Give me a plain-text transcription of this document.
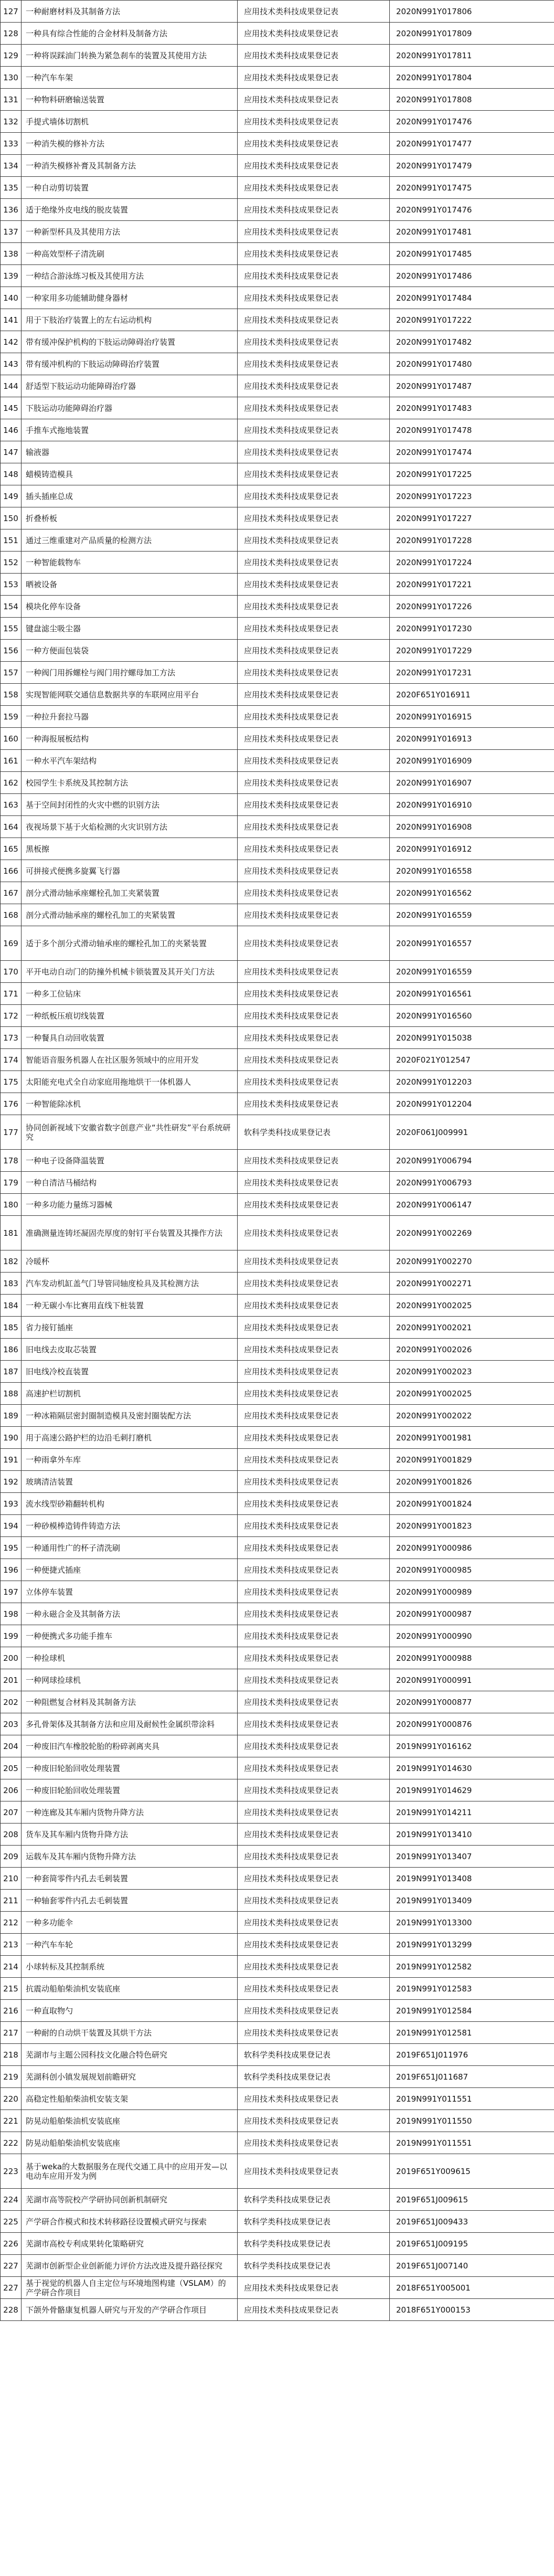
127	一种耐磨材料及其制备方法	应用技术类科技成果登记表	2020N991Y017806
128	一种具有综合性能的合金材料及制备方法	应用技术类科技成果登记表	2020N991Y017809
129	一种将误踩油门转换为紧急刹车的装置及其使用方法	应用技术类科技成果登记表	2020N991Y017811
130	一种汽车车架	应用技术类科技成果登记表	2020N991Y017804
131	一种物料研磨输送装置	应用技术类科技成果登记表	2020N991Y017808
132	手提式墙体切割机	应用技术类科技成果登记表	2020N991Y017476
133	一种消失模的修补方法	应用技术类科技成果登记表	2020N991Y017477
134	一种消失模修补膏及其制备方法	应用技术类科技成果登记表	2020N991Y017479
135	一种自动剪切装置	应用技术类科技成果登记表	2020N991Y017475
136	适于绝缘外皮电线的脱皮装置	应用技术类科技成果登记表	2020N991Y017476
137	一种新型杯具及其使用方法	应用技术类科技成果登记表	2020N991Y017481
138	一种高效型杯子清洗刷	应用技术类科技成果登记表	2020N991Y017485
139	一种结合游泳练习板及其使用方法	应用技术类科技成果登记表	2020N991Y017486
140	一种家用多功能辅助健身器材	应用技术类科技成果登记表	2020N991Y017484
141	用于下肢治疗装置上的左右运动机构	应用技术类科技成果登记表	2020N991Y017222
142	带有缓冲保护机构的下肢运动障碍治疗装置	应用技术类科技成果登记表	2020N991Y017482
143	带有缓冲机构的下肢运动障碍治疗装置	应用技术类科技成果登记表	2020N991Y017480
144	舒适型下肢运动功能障碍治疗器	应用技术类科技成果登记表	2020N991Y017487
145	下肢运动功能障碍治疗器	应用技术类科技成果登记表	2020N991Y017483
146	手推车式拖地装置	应用技术类科技成果登记表	2020N991Y017478
147	输液器	应用技术类科技成果登记表	2020N991Y017474
148	蜡模铸造模具	应用技术类科技成果登记表	2020N991Y017225
149	插头插座总成	应用技术类科技成果登记表	2020N991Y017223
150	折叠桥板	应用技术类科技成果登记表	2020N991Y017227
151	通过三维重建对产品质量的检测方法	应用技术类科技成果登记表	2020N991Y017228
152	一种智能载物车	应用技术类科技成果登记表	2020N991Y017224
153	晒被设备	应用技术类科技成果登记表	2020N991Y017221
154	模块化停车设备	应用技术类科技成果登记表	2020N991Y017226
155	键盘滤尘吸尘器	应用技术类科技成果登记表	2020N991Y017230
156	一种方便面包装袋	应用技术类科技成果登记表	2020N991Y017229
157	一种阀门用拆螺栓与阀门用拧螺母加工方法	应用技术类科技成果登记表	2020N991Y017231
158	实现智能网联交通信息数据共享的车联网应用平台	应用技术类科技成果登记表	2020F651Y016911
159	一种拉升套拉马器	应用技术类科技成果登记表	2020N991Y016915
160	一种海报展板结构	应用技术类科技成果登记表	2020N991Y016913
161	一种水平汽车架结构	应用技术类科技成果登记表	2020N991Y016909
162	校园学生卡系统及其控制方法	应用技术类科技成果登记表	2020N991Y016907
163	基于空间封闭性的火灾中燃的识别方法	应用技术类科技成果登记表	2020N991Y016910
164	夜视场景下基于火焰检测的火灾识别方法	应用技术类科技成果登记表	2020N991Y016908
165	黑板擦	应用技术类科技成果登记表	2020N991Y016912
166	可拼接式便携多旋翼飞行器	应用技术类科技成果登记表	2020N991Y016558
167	剖分式滑动轴承座螺栓孔加工夹紧装置	应用技术类科技成果登记表	2020N991Y016562
168	剖分式滑动轴承座的螺栓孔加工的夹紧装置	应用技术类科技成果登记表	2020N991Y016559
169	适于多个剖分式滑动轴承座的螺栓孔加工的夹紧装置	应用技术类科技成果登记表	2020N991Y016557
170	平开电动自动门的防撞外机械卡锁装置及其开关门方法	应用技术类科技成果登记表	2020N991Y016559
171	一种多工位钻床	应用技术类科技成果登记表	2020N991Y016561
172	一种纸板压痕切线装置	应用技术类科技成果登记表	2020N991Y016560
173	一种餐具自动回收装置	应用技术类科技成果登记表	2020N991Y015038
174	智能语音服务机器人在社区服务领域中的应用开发	应用技术类科技成果登记表	2020F021Y012547
175	太阳能充电式全自动家庭用拖地烘干一体机器人	应用技术类科技成果登记表	2020N991Y012203
176	一种智能除冰机	应用技术类科技成果登记表	2020N991Y012204
177	协同创新视域下安徽省数字创意产业“共性研发”平台系统研究	软科学类科技成果登记表	2020F061J009991
178	一种电子设备降温装置	应用技术类科技成果登记表	2020N991Y006794
179	一种自清洁马桶结构	应用技术类科技成果登记表	2020N991Y006793
180	一种多功能力量练习器械	应用技术类科技成果登记表	2020N991Y006147
181	准确测量连铸坯凝固壳厚度的射钉平台装置及其操作方法	应用技术类科技成果登记表	2020N991Y002269
182	冷暖杯	应用技术类科技成果登记表	2020N991Y002270
183	汽车发动机缸盖气门导管同轴度检具及其检测方法	应用技术类科技成果登记表	2020N991Y002271
184	一种无碳小车比赛用直线下桩装置	应用技术类科技成果登记表	2020N991Y002025
185	省力接钉插座	应用技术类科技成果登记表	2020N991Y002021
186	旧电线去皮取芯装置	应用技术类科技成果登记表	2020N991Y002026
187	旧电线冷校直装置	应用技术类科技成果登记表	2020N991Y002023
188	高速护栏切割机	应用技术类科技成果登记表	2020N991Y002025
189	一种冰箱隔层密封圈制造模具及密封圈装配方法	应用技术类科技成果登记表	2020N991Y002022
190	用于高速公路护栏的边沿毛刺打磨机	应用技术类科技成果登记表	2020N991Y001981
191	一种雨拿外车库	应用技术类科技成果登记表	2020N991Y001829
192	玻璃清洁装置	应用技术类科技成果登记表	2020N991Y001826
193	流水线型砂箱翻转机构	应用技术类科技成果登记表	2020N991Y001824
194	一种砂模棒造铸件铸造方法	应用技术类科技成果登记表	2020N991Y001823
195	一种通用性广的杯子清洗刷	应用技术类科技成果登记表	2020N991Y000986
196	一种便捷式插座	应用技术类科技成果登记表	2020N991Y000985
197	立体停车装置	应用技术类科技成果登记表	2020N991Y000989
198	一种永磁合金及其制备方法	应用技术类科技成果登记表	2020N991Y000987
199	一种便携式多功能手推车	应用技术类科技成果登记表	2020N991Y000990
200	一种捡球机	应用技术类科技成果登记表	2020N991Y000988
201	一种网球捡球机	应用技术类科技成果登记表	2020N991Y000991
202	一种阻燃复合材料及其制备方法	应用技术类科技成果登记表	2020N991Y000877
203	多孔骨架体及其制备方法和应用及耐候性金属织带涂料	应用技术类科技成果登记表	2020N991Y000876
204	一种废旧汽车橡胶轮胎的粉碎剥离夹具	应用技术类科技成果登记表	2019N991Y016162
205	一种废旧轮胎回收处理装置	应用技术类科技成果登记表	2019N991Y014630
206	一种废旧轮胎回收处理装置	应用技术类科技成果登记表	2019N991Y014629
207	一种连廊及其车厢内货物升降方法	应用技术类科技成果登记表	2019N991Y014211
208	货车及其车厢内货物升降方法	应用技术类科技成果登记表	2019N991Y013410
209	运载车及其车厢内货物升降方法	应用技术类科技成果登记表	2019N991Y013407
210	一种套简零件内孔去毛刺装置	应用技术类科技成果登记表	2019N991Y013408
211	一种轴套零件内孔去毛刺装置	应用技术类科技成果登记表	2019N991Y013409
212	一种多功能伞	应用技术类科技成果登记表	2019N991Y013300
213	一种汽车车轮	应用技术类科技成果登记表	2019N991Y013299
214	小球转标及其控制系统	应用技术类科技成果登记表	2019N991Y012582
215	抗震动船舶柴油机安装底座	应用技术类科技成果登记表	2019N991Y012583
216	一种直取物勺	应用技术类科技成果登记表	2019N991Y012584
217	一种耐的自动烘干装置及其烘干方法	应用技术类科技成果登记表	2019N991Y012581
218	芜湖市与主题公园科技文化融合特色研究	软科学类科技成果登记表	2019F651J011976
219	芜湖科创小镇发展规划前瞻研究	软科学类科技成果登记表	2019F651J011687
220	高稳定性船舶柴油机安装支架	应用技术类科技成果登记表	2019N991Y011551
221	防晃动船舶柴油机安装底座	应用技术类科技成果登记表	2019N991Y011550
222	防晃动船舶柴油机安装底座	应用技术类科技成果登记表	2019N991Y011551
223	基于weka的大数据服务在现代交通工具中的应用开发—以电动车应用开发为例	应用技术类科技成果登记表	2019F651Y009615
224	芜湖市高等院校产学研协同创新机制研究	软科学类科技成果登记表	2019F651J009615
225	产学研合作模式和技术转移路径设置模式研究与探索	软科学类科技成果登记表	2019F651J009433
226	芜湖市高校专利成果转化策略研究	软科学类科技成果登记表	2019F651J009195
227	芜湖市创新型企业创新能力评价方法改进及提升路径探究	软科学类科技成果登记表	2019F651J007140
227	基于视觉的机器人自主定位与环境地图构建（VSLAM）的产学研合作项目	应用技术类科技成果登记表	2018F651Y005001
228	下颌外骨骼康复机器人研究与开发的产学研合作项目	应用技术类科技成果登记表	2018F651Y000153
